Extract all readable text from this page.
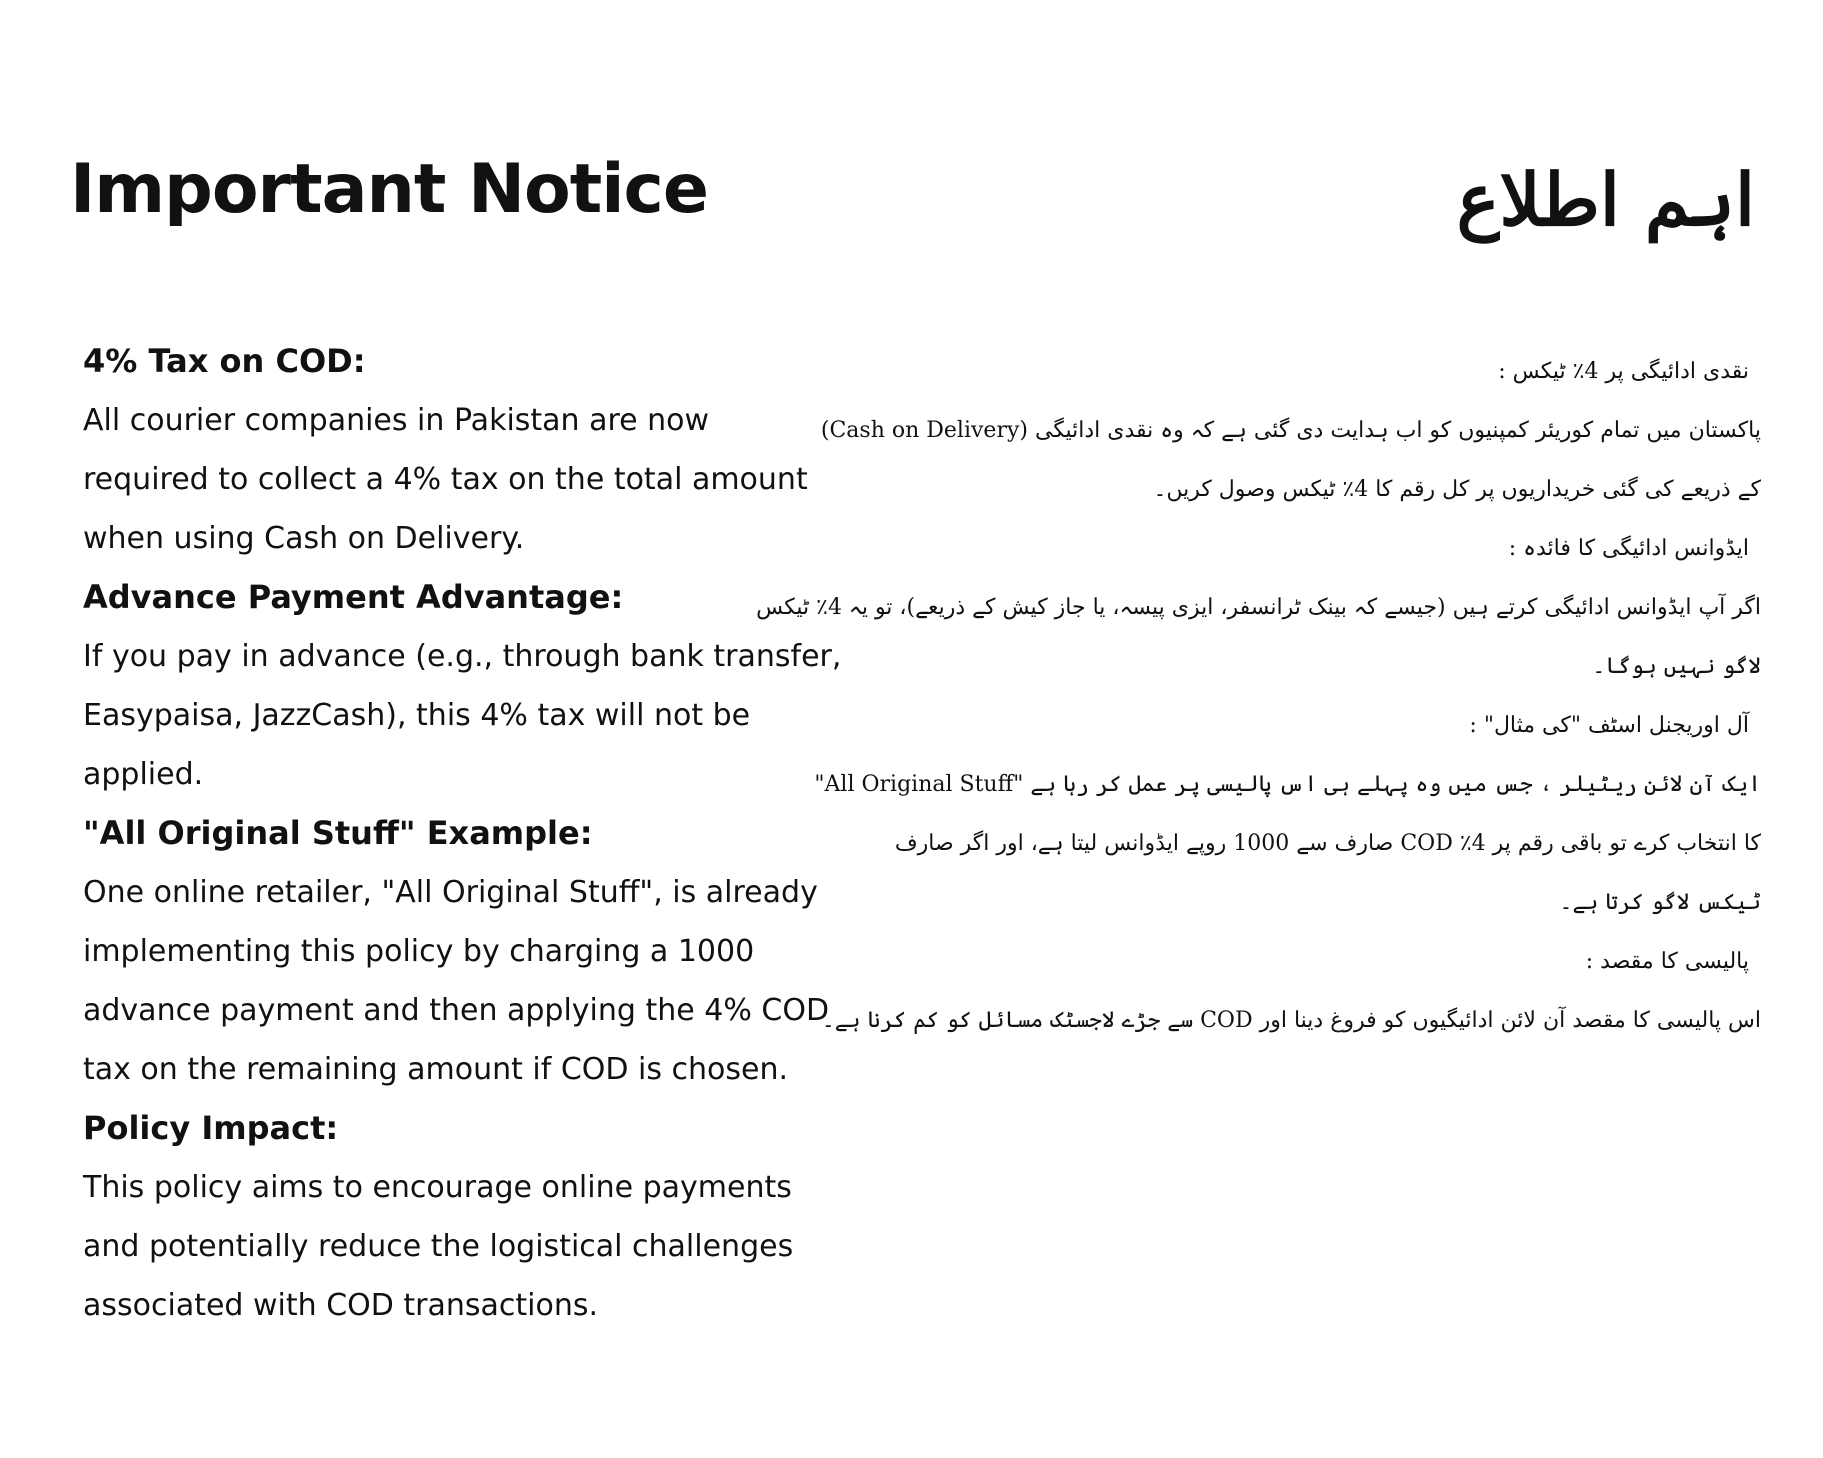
Important Notice	اہم اطلاع

4% Tax on COD:

All courier companies in Pakistan are now
required to collect a 4% tax on the total amount
when using Cash on Delivery.

Advance Payment Advantage:

If you pay in advance (e.g., through bank transfer,
Easypaisa, JazzCash), this 4% tax will not be
applied.

"All Original Stuff" Example:

One online retailer, "All Original Stuff", is already
implementing this policy by charging a 1000
advance payment and then applying the 4% COD
tax on the remaining amount if COD is chosen.

Policy Impact:

This policy aims to encourage online payments
and potentially reduce the logistical challenges
associated with COD transactions.

نقدی ادائیگی پر 4٪ ٹیکس :

پاکستان میں تمام کوریئر کمپنیوں کو اب ہدایت دی گئی ہے کہ وہ نقدی ادائیگی (Cash on Delivery)
کے ذریعے کی گئی خریداریوں پر کل رقم کا 4٪ ٹیکس وصول کریں۔

ایڈوانس ادائیگی کا فائدہ :

اگر آپ ایڈوانس ادائیگی کرتے ہیں (جیسے کہ بینک ٹرانسفر، ایزی پیسہ، یا جاز کیش کے ذریعے)، تو یہ 4٪ ٹیکس
لاگو نہیں ہوگا۔

آل اوریجنل اسٹف "کی مثال" :

ایک آن لائن ریٹیلر ، جس میں وہ پہلے ہی اس پالیسی پر عمل کر رہا ہے "All Original Stuff"
کا انتخاب کرے تو باقی رقم پر 4٪ COD صارف سے 1000 روپے ایڈوانس لیتا ہے، اور اگر صارف
ٹیکس لاگو کرتا ہے۔

پالیسی کا مقصد :

اس پالیسی کا مقصد آن لائن ادائیگیوں کو فروغ دینا اور COD سے جڑے لاجسٹک مسائل کو کم کرنا ہے۔
